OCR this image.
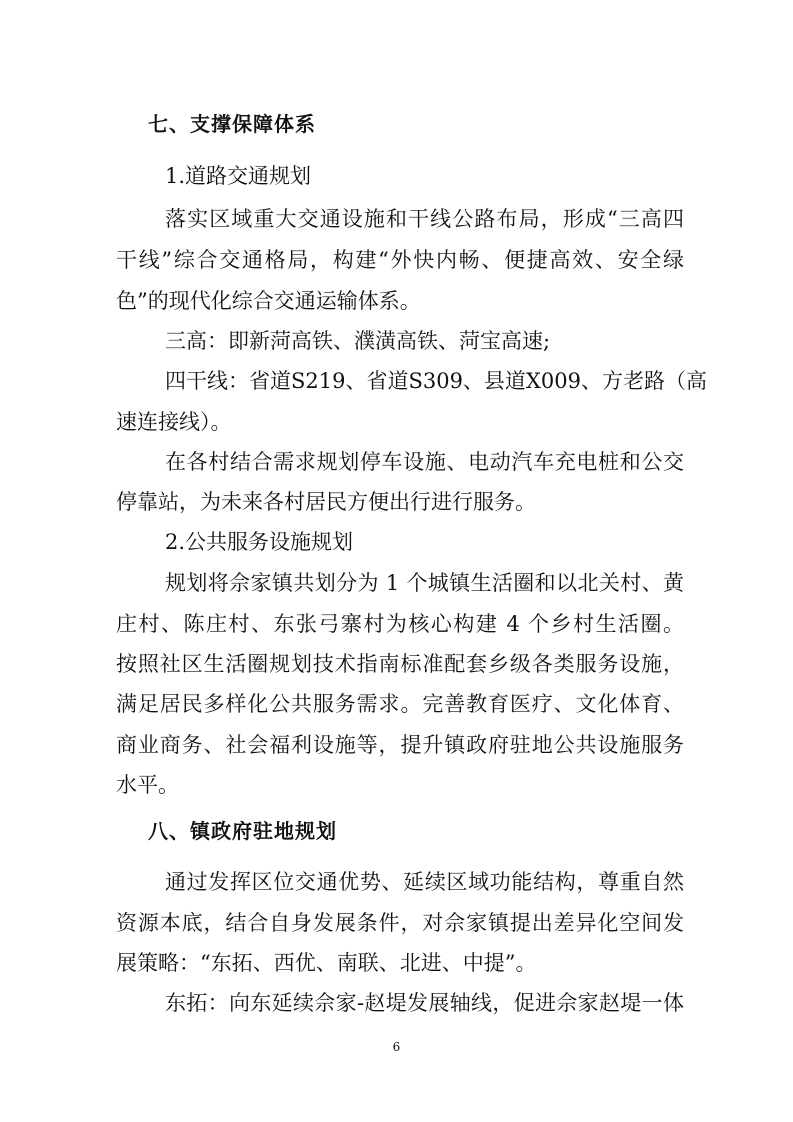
七、支撑保障体系
1.道路交通规划
落实区域重大交通设施和干线公路布局，形成“三高四
干线”综合交通格局，构建“外快内畅、便捷高效、安全绿
色”的现代化综合交通运输体系。
三高：即新菏高铁、濮潢高铁、菏宝高速;
四干线：省道S219、省道S309、县道X009、方老路（高
速连接线）。
在各村结合需求规划停车设施、电动汽车充电桩和公交
停靠站，为未来各村居民方便出行进行服务。
2.公共服务设施规划
规划将佘家镇共划分为 1 个城镇生活圈和以北关村、黄
庄村、陈庄村、东张弓寨村为核心构建 4 个乡村生活圈。
按照社区生活圈规划技术指南标准配套乡级各类服务设施，
满足居民多样化公共服务需求。完善教育医疗、文化体育、
商业商务、社会福利设施等，提升镇政府驻地公共设施服务
水平。
八、镇政府驻地规划
通过发挥区位交通优势、延续区域功能结构，尊重自然
资源本底，结合自身发展条件，对佘家镇提出差异化空间发
展策略：“东拓、西优、南联、北进、中提”。
东拓：向东延续佘家-赵堤发展轴线，促进佘家赵堤一体
6
